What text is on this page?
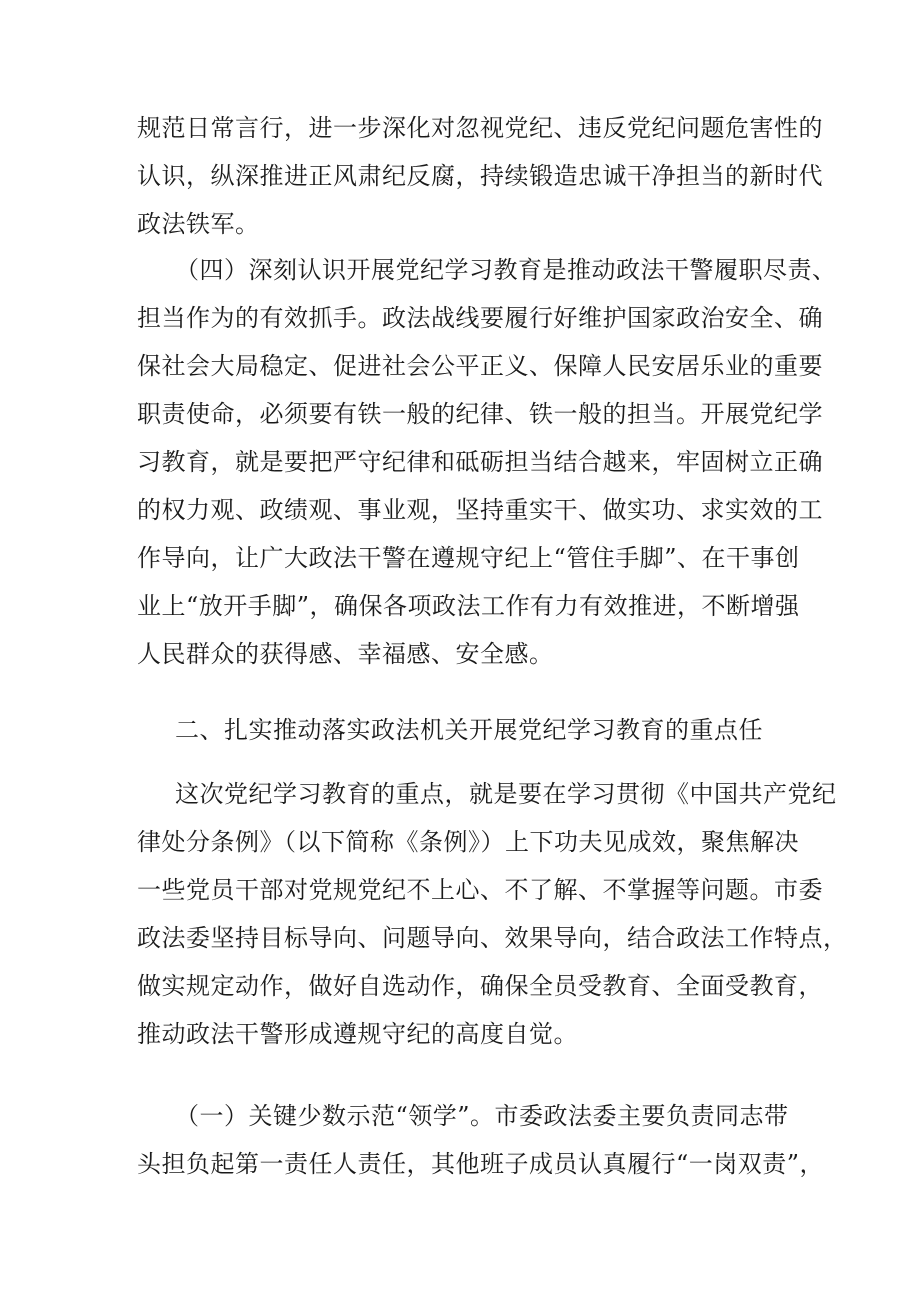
规范日常言行，进一步深化对忽视党纪、违反党纪问题危害性的
认识，纵深推进正风肃纪反腐，持续锻造忠诚干净担当的新时代
政法铁军。
（四）深刻认识开展党纪学习教育是推动政法干警履职尽责、
担当作为的有效抓手。政法战线要履行好维护国家政治安全、确
保社会大局稳定、促进社会公平正义、保障人民安居乐业的重要
职责使命，必须要有铁一般的纪律、铁一般的担当。开展党纪学
习教育，就是要把严守纪律和砥砺担当结合越来，牢固树立正确
的权力观、政绩观、事业观，坚持重实干、做实功、求实效的工
作导向，让广大政法干警在遵规守纪上“管住手脚”、在干事创
业上“放开手脚”，确保各项政法工作有力有效推进，不断增强
人民群众的获得感、幸福感、安全感。
二、扎实推动落实政法机关开展党纪学习教育的重点任
这次党纪学习教育的重点，就是要在学习贯彻《中国共产党纪
律处分条例》（以下简称《条例》）上下功夫见成效，聚焦解决
一些党员干部对党规党纪不上心、不了解、不掌握等问题。市委
政法委坚持目标导向、问题导向、效果导向，结合政法工作特点，
做实规定动作，做好自选动作，确保全员受教育、全面受教育，
推动政法干警形成遵规守纪的高度自觉。
（一）关键少数示范“领学”。市委政法委主要负责同志带
头担负起第一责任人责任，其他班子成员认真履行“一岗双责”，
